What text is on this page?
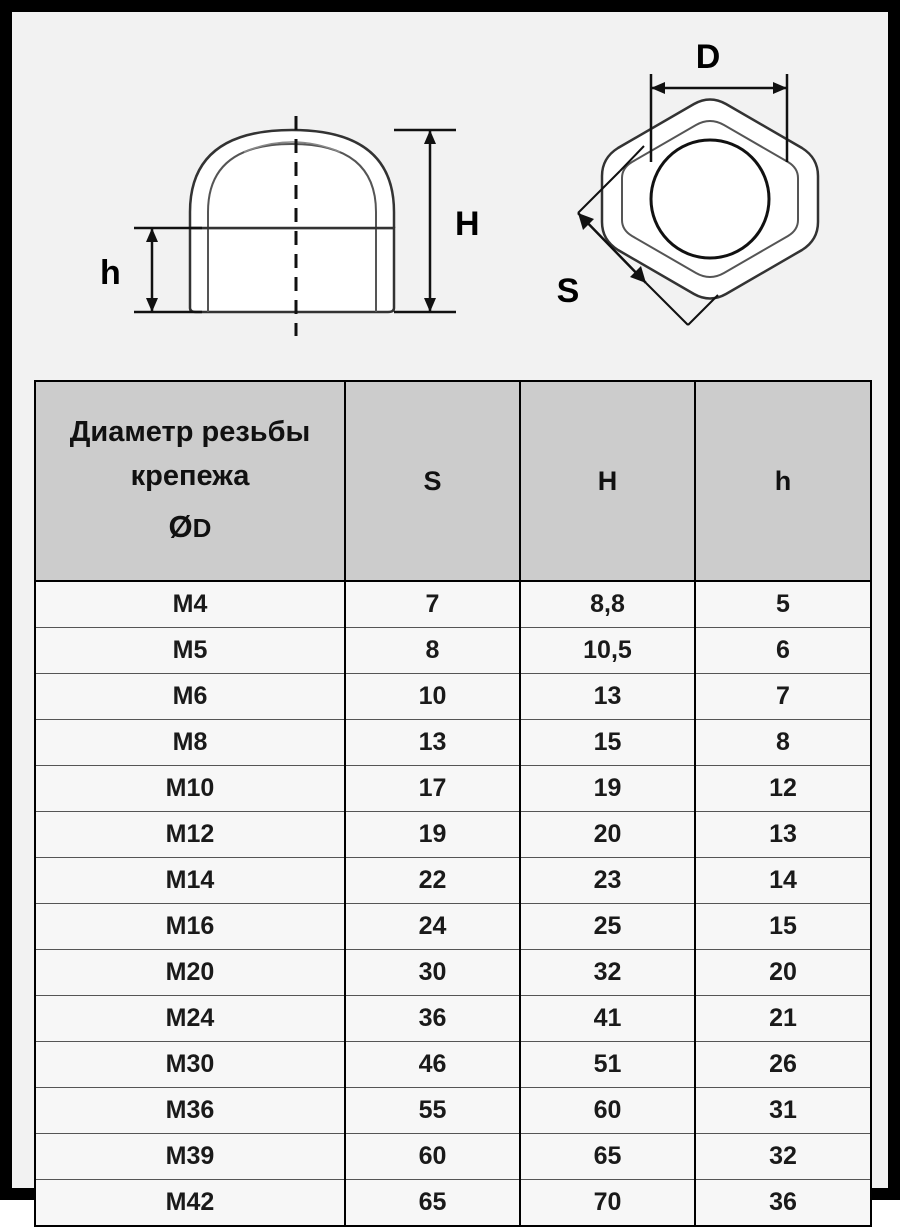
H
h
D
S
Диаметр резьбы
крепежа
ØD	S	H	h
М4	7	8,8	5
М5	8	10,5	6
М6	10	13	7
М8	13	15	8
М10	17	19	12
М12	19	20	13
М14	22	23	14
М16	24	25	15
М20	30	32	20
М24	36	41	21
М30	46	51	26
М36	55	60	31
М39	60	65	32
М42	65	70	36
